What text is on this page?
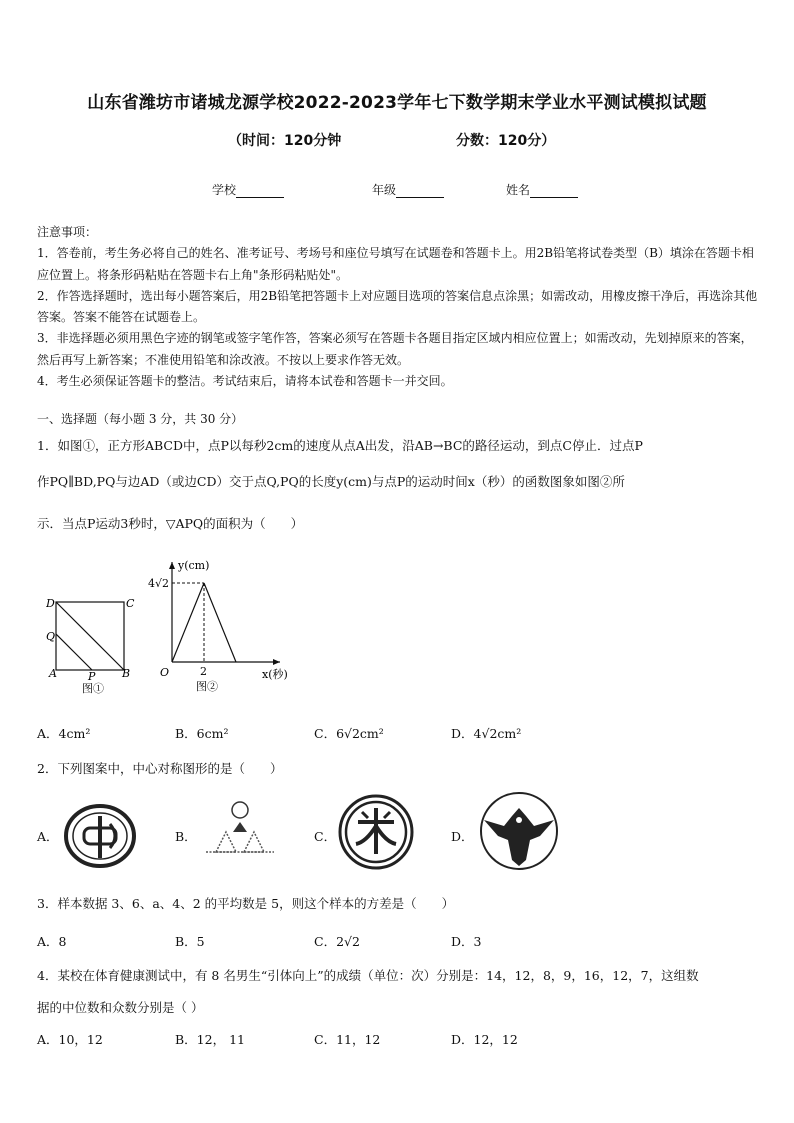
山东省潍坊市诸城龙源学校2022-2023学年七下数学期末学业水平测试模拟试题
（时间：120分钟	分数：120分）
学校	年级	姓名

注意事项：

1．答卷前，考生务必将自己的姓名、准考证号、考场号和座位号填写在试题卷和答题卡上。用2B铅笔将试卷类型（B）填涂在答题卡相应位置上。将条形码粘贴在答题卡右上角"条形码粘贴处"。

2．作答选择题时，选出每小题答案后，用2B铅笔把答题卡上对应题目选项的答案信息点涂黑；如需改动，用橡皮擦干净后，再选涂其他答案。答案不能答在试题卷上。

3．非选择题必须用黑色字迹的钢笔或签字笔作答，答案必须写在答题卡各题目指定区域内相应位置上；如需改动，先划掉原来的答案，然后再写上新答案；不准使用铅笔和涂改液。不按以上要求作答无效。

4．考生必须保证答题卡的整洁。考试结束后，请将本试卷和答题卡一并交回。

一、选择题（每小题 3 分，共 30 分）
1．如图①，正方形ABCD中，点P以每秒2cm的速度从点A出发，沿AB→BC的路径运动，到点C停止．过点P
作PQ∥BD,PQ与边AD（或边CD）交于点Q,PQ的长度y(cm)与点P的运动时间x（秒）的函数图象如图②所
示．当点P运动3秒时，▽APQ的面积为（　　）
D	C
Q
A	P B
图①
y(cm)
4√2
O	2	x(秒)
图②
A．4cm²	B．6cm²	C．6√2cm²	D．4√2cm²
2．下列图案中，中心对称图形的是（　　）
A．	B．	C．	D．
3．样本数据 3、6、a、4、2 的平均数是 5，则这个样本的方差是（　　）
A．8	B．5	C．2√2	D．3
4．某校在体育健康测试中，有 8 名男生“引体向上”的成绩（单位：次）分别是：14，12，8，9，16，12，7，这组数
据的中位数和众数分别是（ ）
A．10，12	B．12， 11	C．11，12	D．12，12
